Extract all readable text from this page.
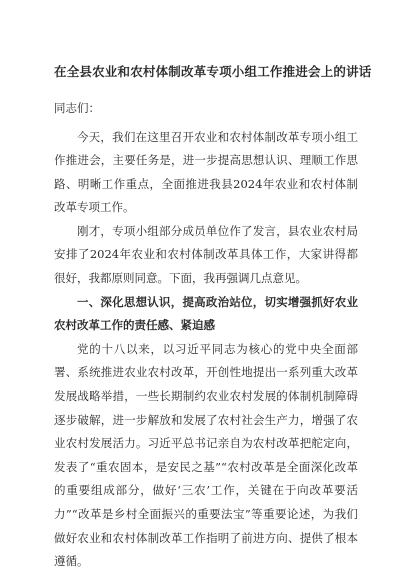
在全县农业和农村体制改革专项小组工作推进会上的讲话
同志们：

今天，我们在这里召开农业和农村体制改革专项小组工作推进会，主要任务是，进一步提高思想认识、理顺工作思路、明晰工作重点，全面推进我县2024年农业和农村体制改革专项工作。

刚才，专项小组部分成员单位作了发言，县农业农村局安排了2024年农业和农村体制改革具体工作，大家讲得都很好，我都原则同意。下面，我再强调几点意见。

一、深化思想认识，提高政治站位，切实增强抓好农业农村改革工作的责任感、紧迫感

党的十八以来，以习近平同志为核心的党中央全面部署、系统推进农业农村改革，开创性地提出一系列重大改革发展战略举措，一些长期制约农业农村发展的体制机制障碍逐步破解，进一步解放和发展了农村社会生产力，增强了农业农村发展活力。习近平总书记亲自为农村改革把舵定向，发表了“重农固本，是安民之基”“农村改革是全面深化改革的重要组成部分，做好‘三农’工作，关键在于向改革要活力”“改革是乡村全面振兴的重要法宝”等重要论述，为我们做好农业和农村体制改革工作指明了前进方向、提供了根本遵循。
